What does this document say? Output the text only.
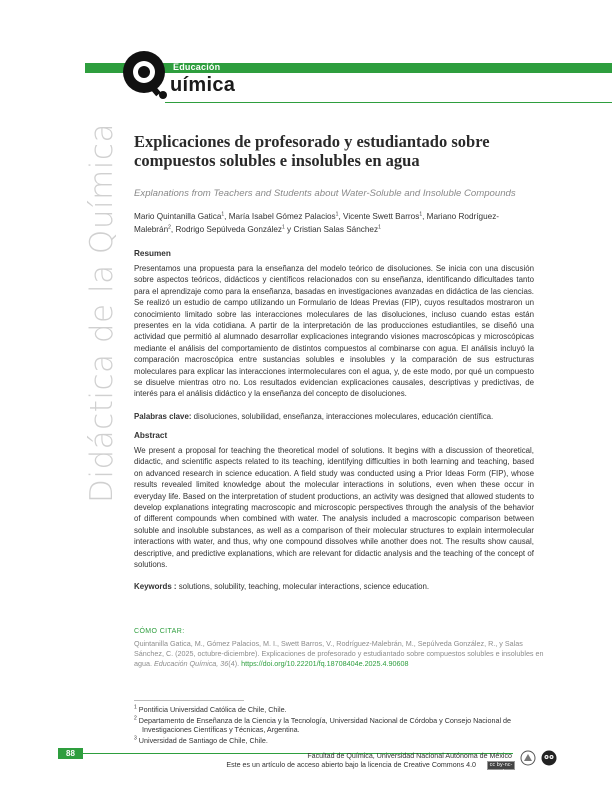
Educación
uímica
Didáctica de la Química Explicaciones de profesorado y estudiantado sobre compuestos solubles e insolubles en agua

Explanations from Teachers and Students about Water-Soluble and Insoluble Compounds

Mario Quintanilla Gatica$^1$, María Isabel Gómez Palacios$^1$, Vicente Swett Barros$^1$, Mariano Rodríguez-Malebrán$^2$, Rodrigo Sepúlveda González$^1$ y Cristian Salas Sánchez$^1$

Resumen

Presentamos una propuesta para la enseñanza del modelo teórico de disoluciones. Se inicia con una discusión sobre aspectos teóricos, didácticos y científicos relacionados con su enseñanza, identificando dificultades tanto para el aprendizaje como para la enseñanza, basadas en investigaciones avanzadas en didáctica de las ciencias. Se realizó un estudio de campo utilizando un Formulario de Ideas Previas (FIP), cuyos resultados mostraron un conocimiento limitado sobre las interacciones moleculares de las disoluciones, incluso cuando estas están presentes en la vida cotidiana. A partir de la interpretación de las producciones estudiantiles, se diseñó una actividad que permitió al alumnado desarrollar explicaciones integrando visiones macroscópicas y microscópicas mediante el análisis del comportamiento de distintos compuestos al combinarse con agua. El análisis incluyó la comparación macroscópica entre sustancias solubles e insolubles y la comparación de sus estructuras moleculares para explicar las interacciones intermoleculares con el agua, y, de este modo, por qué un compuesto se disuelve mientras otro no. Los resultados evidencian explicaciones causales, descriptivas y predictivas, de interés para el análisis didáctico y la enseñanza del concepto de disoluciones.

Palabras clave: disoluciones, solubilidad, enseñanza, interacciones moleculares, educación científica.

Abstract

We present a proposal for teaching the theoretical model of solutions. It begins with a discussion of theoretical, didactic, and scientific aspects related to its teaching, identifying difficulties in both learning and teaching, based on advanced research in science education. A field study was conducted using a Prior Ideas Form (FIP), whose results revealed limited knowledge about the molecular interactions in solutions, even when these occur in everyday life. Based on the interpretation of student productions, an activity was designed that allowed students to develop explanations integrating macroscopic and microscopic perspectives through the analysis of the behavior of different compounds when combined with water. The analysis included a macroscopic comparison between soluble and insoluble substances, as well as a comparison of their molecular structures to explain intermolecular interactions with water, and thus, why one compound dissolves while another does not. The results show causal, descriptive, and predictive explanations, which are relevant for didactic analysis and the teaching of the concept of solutions.

Keywords : solutions, solubility, teaching, molecular interactions, science education.

CÓMO CITAR:
Quintanilla Gatica, M., Gómez Palacios, M. I., Swett Barros, V., Rodríguez-Malebrán, M., Sepúlveda González, R., y Salas Sánchez, C. (2025, octubre-diciembre). Explicaciones de profesorado y estudiantado sobre compuestos solubles e insolubles en agua. Educación Química, 36(4). https://doi.org/10.22201/fq.18708404e.2025.4.90608
$^1$ Pontificia Universidad Católica de Chile, Chile.
$^2$ Departamento de Enseñanza de la Ciencia y la Tecnología, Universidad Nacional de Córdoba y Consejo Nacional de
Investigaciones Científicas y Técnicas, Argentina.
$^3$ Universidad de Santiago de Chile, Chile.
88	Facultad de Química, Universidad Nacional Autónoma de México
Este es un artículo de acceso abierto bajo la licencia de Creative Commons 4.0	cc by-nc-nd
